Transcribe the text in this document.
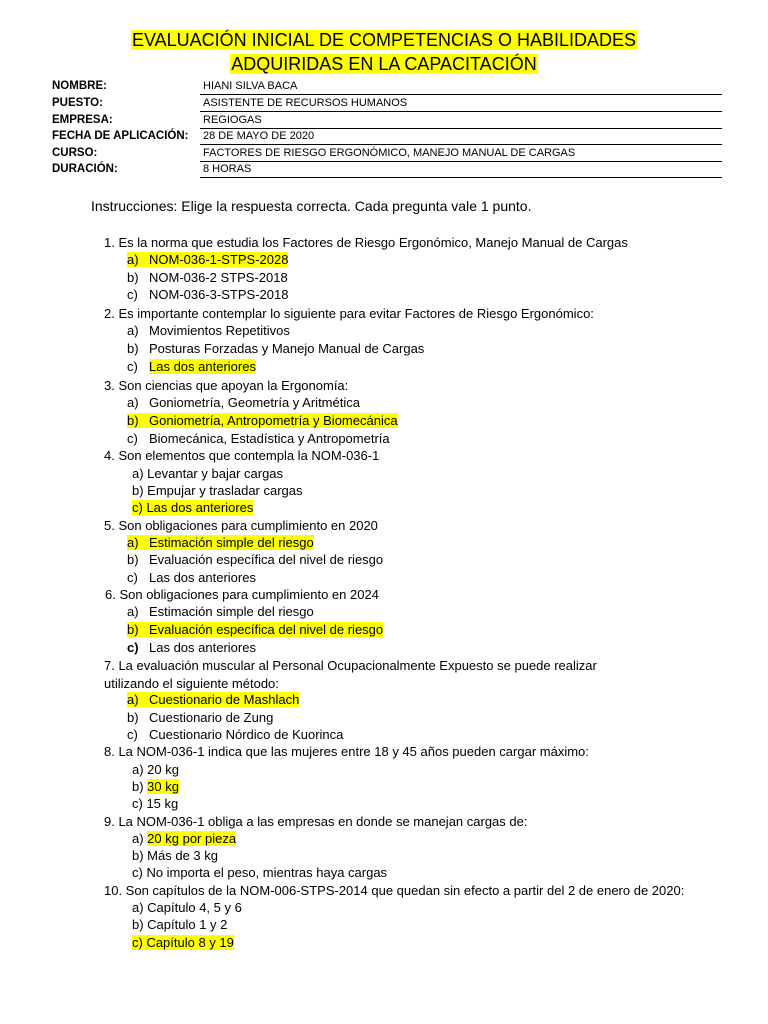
EVALUACIÓN INICIAL DE COMPETENCIAS O HABILIDADES
ADQUIRIDAS EN LA CAPACITACIÓN
NOMBRE:	HIANI SILVA BACA
PUESTO:	ASISTENTE DE RECURSOS HUMANOS
EMPRESA:	REGIOGAS
FECHA DE APLICACIÓN: 28 DE MAYO DE 2020
CURSO:	FACTORES DE RIESGO ERGONÓMICO, MANEJO MANUAL DE CARGAS
DURACIÓN:	8 HORAS
Instrucciones: Elige la respuesta correcta. Cada pregunta vale 1 punto.
1. Es la norma que estudia los Factores de Riesgo Ergonómico, Manejo Manual de Cargas
a) NOM-036-1-STPS-2028
b) NOM-036-2 STPS-2018
c) NOM-036-3-STPS-2018
2. Es importante contemplar lo siguiente para evitar Factores de Riesgo Ergonómico:
a) Movimientos Repetitivos
b) Posturas Forzadas y Manejo Manual de Cargas
c) Las dos anteriores
3. Son ciencias que apoyan la Ergonomía:
a) Goniometría, Geometría y Aritmética
b) Goniometría, Antropometría y Biomecánica
c) Biomecánica, Estadística y Antropometría
4. Son elementos que contempla la NOM-036-1
a) Levantar y bajar cargas
b) Empujar y trasladar cargas
c) Las dos anteriores
5. Son obligaciones para cumplimiento en 2020
a) Estimación simple del riesgo
b) Evaluación específica del nivel de riesgo
c) Las dos anteriores
6. Son obligaciones para cumplimiento en 2024
a) Estimación simple del riesgo
b) Evaluación específica del nivel de riesgo
c) Las dos anteriores
7. La evaluación muscular al Personal Ocupacionalmente Expuesto se puede realizar utilizando el siguiente método:
a) Cuestionario de Mashlach
b) Cuestionario de Zung
c) Cuestionario Nórdico de Kuorinca
8. La NOM-036-1 indica que las mujeres entre 18 y 45 años pueden cargar máximo:
a) 20 kg
b) 30 kg
c) 15 kg
9. La NOM-036-1 obliga a las empresas en donde se manejan cargas de:
a) 20 kg por pieza
b) Más de 3 kg
c) No importa el peso, mientras haya cargas
10. Son capítulos de la NOM-006-STPS-2014 que quedan sin efecto a partir del 2 de enero de 2020:
a) Capítulo 4, 5 y 6
b) Capítulo 1 y 2
c) Capítulo 8 y 19
